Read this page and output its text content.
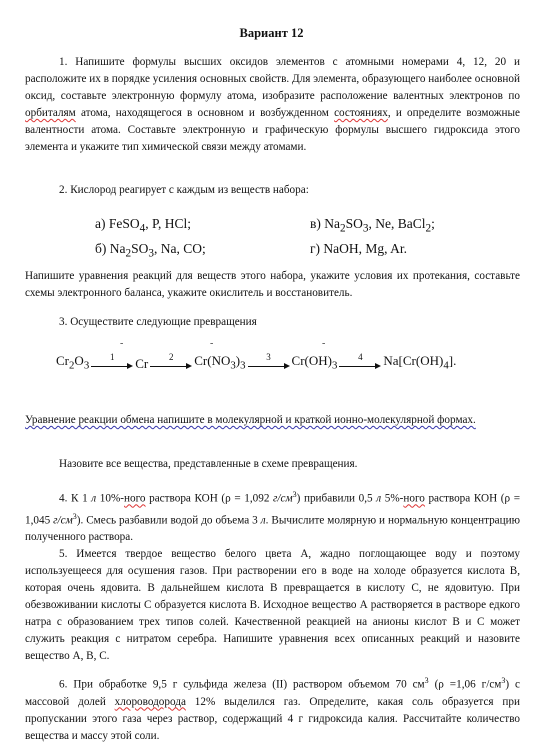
Вариант 12

1. Напишите формулы высших оксидов элементов с атомными номерами 4, 12, 20 и расположите их в порядке усиления основных свойств. Для элемента, образующего наиболее основной оксид, составьте электронную формулу атома, изобразите расположение валентных электронов по орбиталям атома, находящегося в основном и возбужденном состояниях, и определите возможные валентности атома. Составьте электронную и графическую формулы высшего гидроксида этого элемента и укажите тип химической связи между атомами.

2. Кислород реагирует с каждым из веществ набора:

а) FeSO$_4$, P, HCl;	в) $Na_2SO_3$, Ne, BaCl$_2$;
б) $Na_2SO_3$, Na, CO;	г) NaOH, Mg, Ar.

Напишите уравнения реакций для веществ этого набора, укажите условия их протекания, составьте схемы электронного баланса, укажите окислитель и восстановитель.

3. Осуществите следующие превращения

-	-	-
$Cr_2O_3$
1	Cr	2	$Cr(NO_3)_3$
3	$Cr(OH)_3$
4	$Na[Cr(OH)_4]$.

Уравнение реакции обмена напишите в молекулярной и краткой ионно-молекулярной формах.

Назовите все вещества, представленные в схеме превращения.

4. К 1 л 10%-ного раствора КОН (ρ = 1,092 $г/см^3$) прибавили 0,5 л 5%-ного раствора КОН (ρ = 1,045 $г/см^3$). Смесь разбавили водой до объема 3 л. Вычислите молярную и нормальную концентрацию полученного раствора.

5. Имеется твердое вещество белого цвета А, жадно поглощающее воду и поэтому используещееся для осушения газов. При растворении его в воде на холоде образуется кислота В, которая очень ядовита. В дальнейшем кислота В превращается в кислоту С, не ядовитую. При обезвоживании кислоты С образуется кислота В. Исходное вещество А растворяется в растворе едкого натра с образованием трех типов солей. Качественной реакцией на анионы кислот В и С может служить реакция с нитратом серебра. Напишите уравнения всех описанных реакций и назовите вещество А, В, С.

6. При обработке 9,5 г сульфида железа (II) раствором объемом 70 $см^3$ (ρ =1,06 $г/см^3$) с массовой долей хлороводорода 12% выделился газ. Определите, какая соль образуется при пропускании этого газа через раствор, содержащий 4 г гидроксида калия. Рассчитайте количество вещества и массу этой соли.
